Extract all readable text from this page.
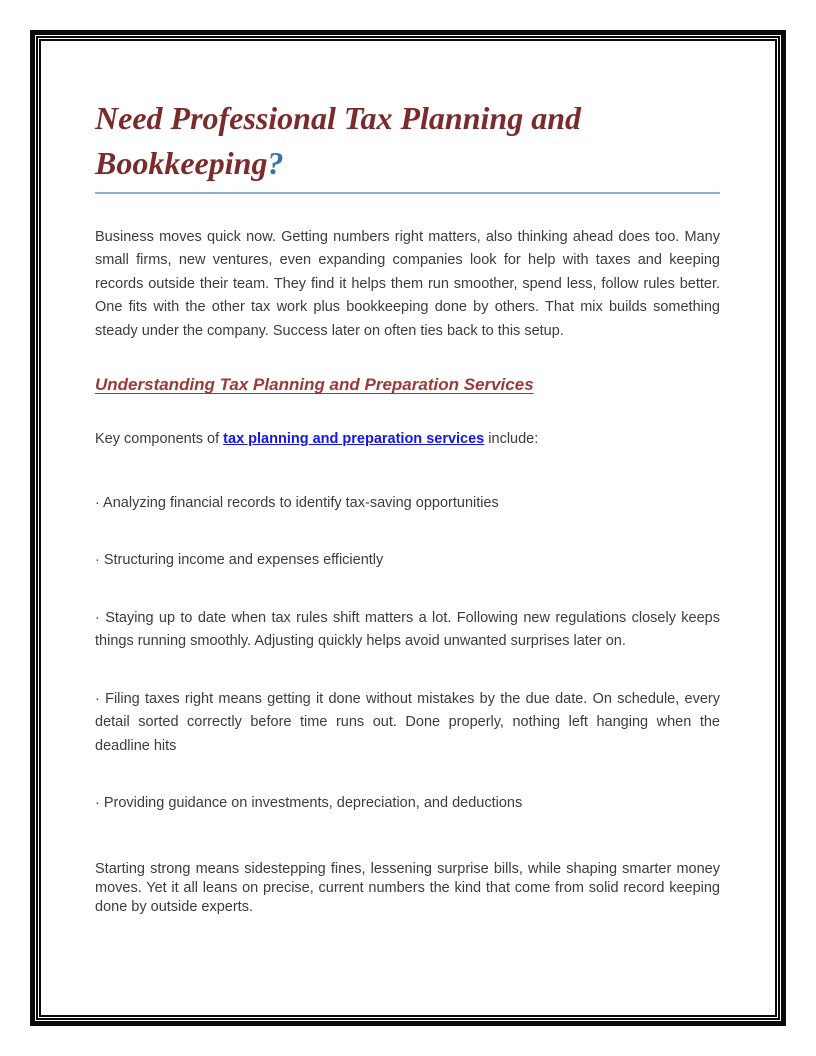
Need Professional Tax Planning and Bookkeeping?

Business moves quick now. Getting numbers right matters, also thinking ahead does too. Many small firms, new ventures, even expanding companies look for help with taxes and keeping records outside their team. They find it helps them run smoother, spend less, follow rules better. One fits with the other tax work plus bookkeeping done by others. That mix builds something steady under the company. Success later on often ties back to this setup.

Understanding Tax Planning and Preparation Services

Key components of tax planning and preparation services include:

· Analyzing financial records to identify tax-saving opportunities

· Structuring income and expenses efficiently

· Staying up to date when tax rules shift matters a lot. Following new regulations closely keeps things running smoothly. Adjusting quickly helps avoid unwanted surprises later on.

· Filing taxes right means getting it done without mistakes by the due date. On schedule, every detail sorted correctly before time runs out. Done properly, nothing left hanging when the deadline hits

· Providing guidance on investments, depreciation, and deductions

Starting strong means sidestepping fines, lessening surprise bills, while shaping smarter money moves. Yet it all leans on precise, current numbers the kind that come from solid record keeping done by outside experts.
